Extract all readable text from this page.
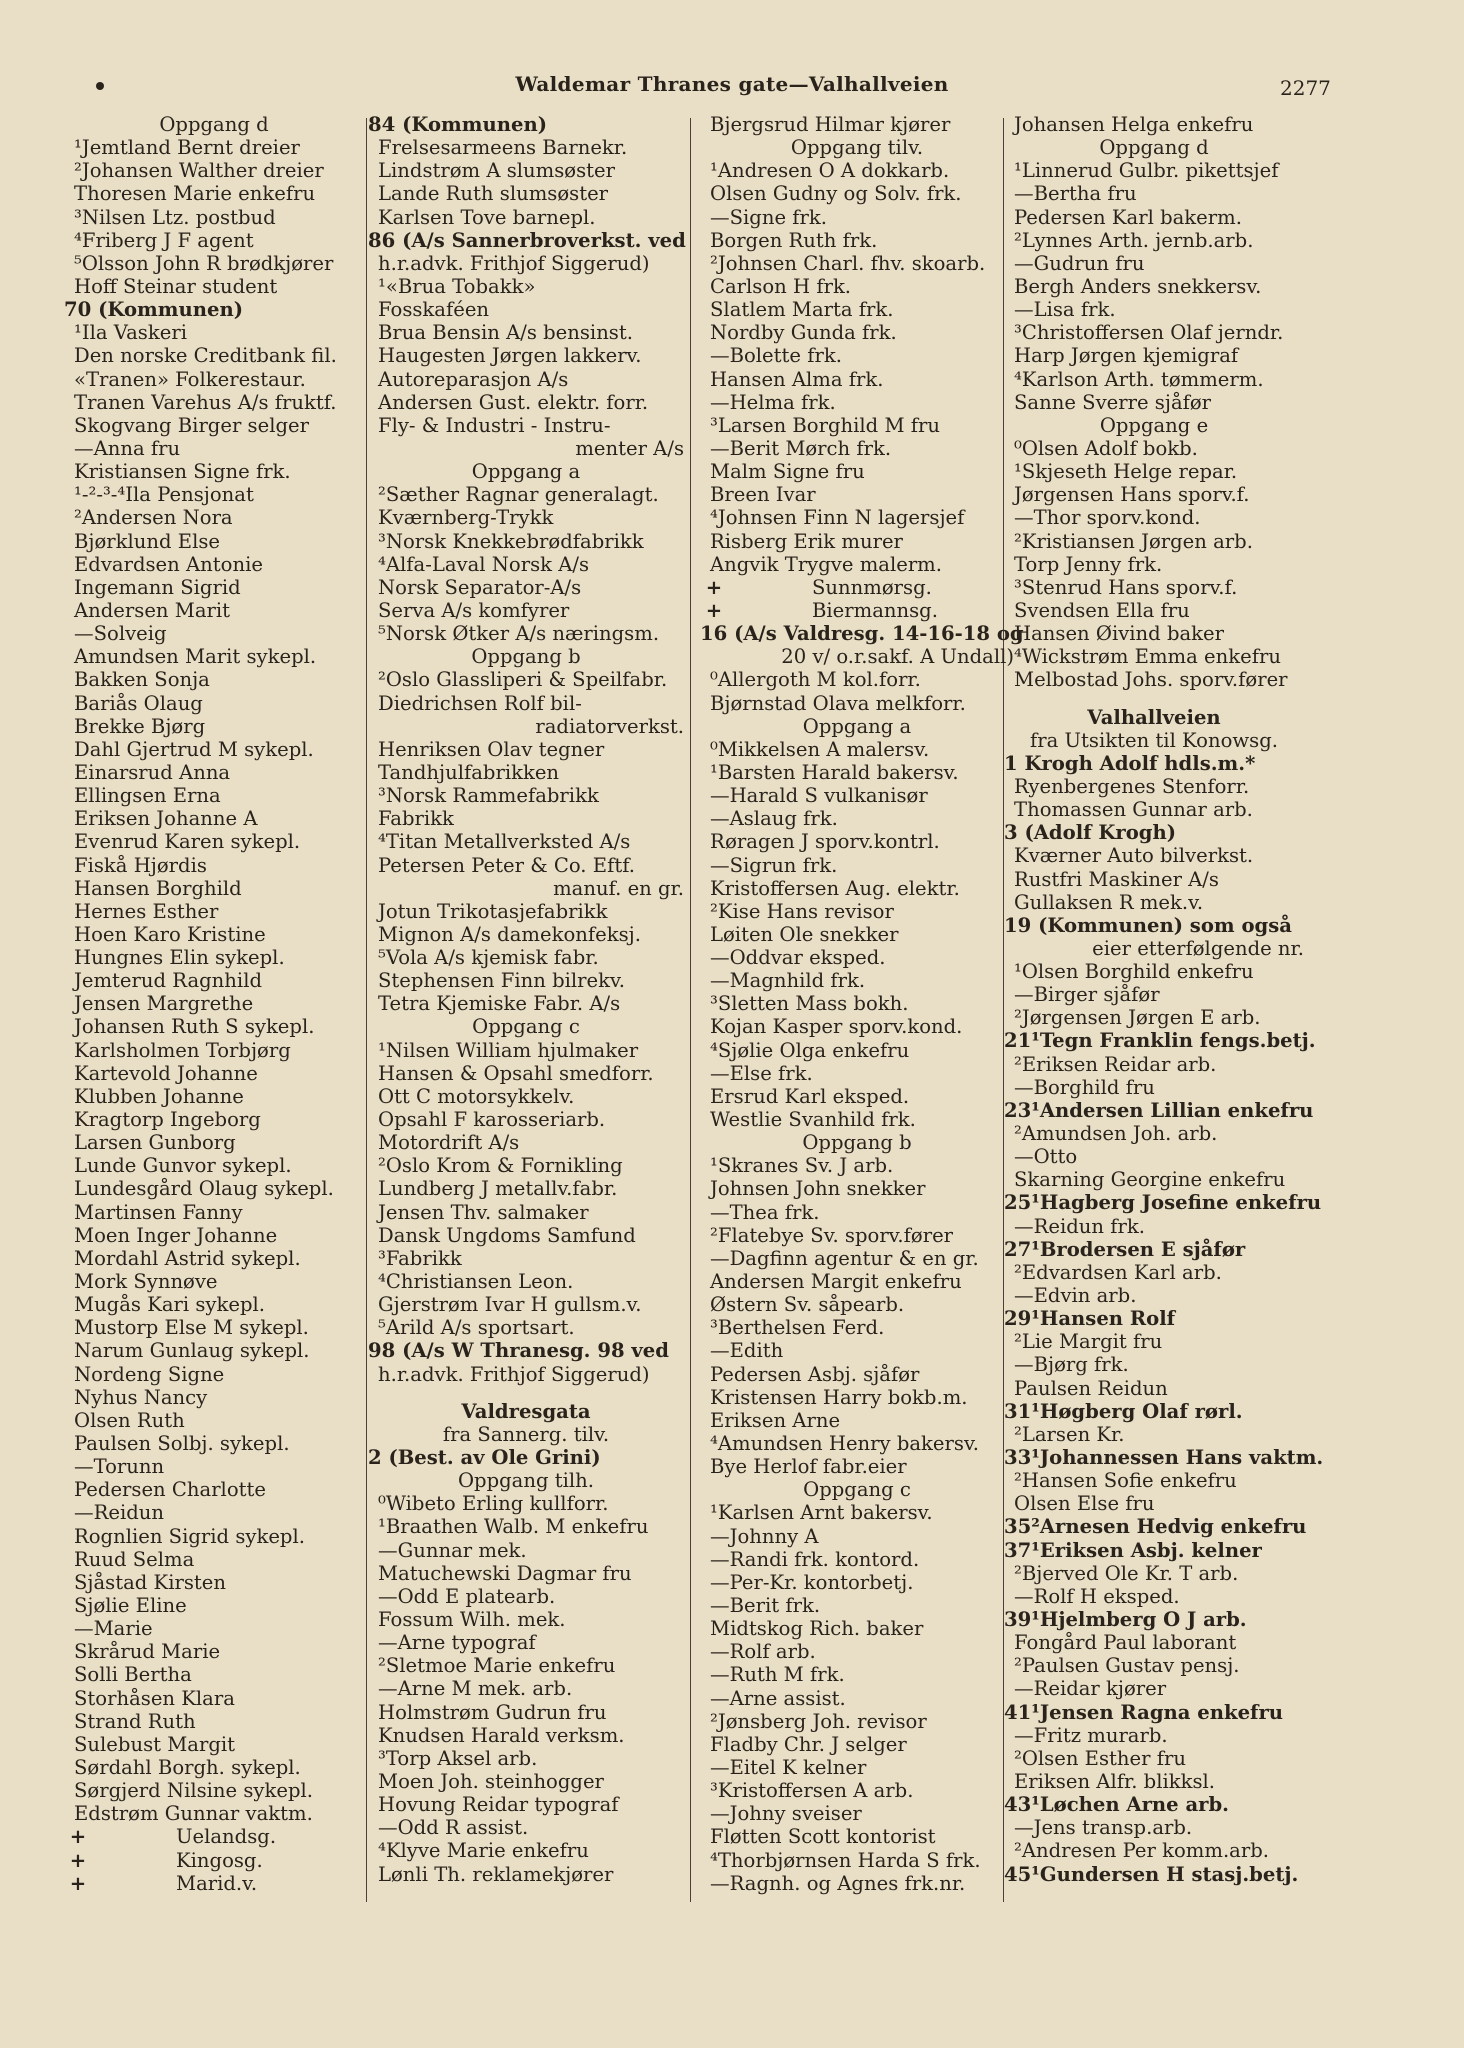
Waldemar Thranes gate—Valhallveien	2277
Oppgang d
¹Jemtland Bernt dreier
²Johansen Walther dreier
Thoresen Marie enkefru
³Nilsen Ltz. postbud
⁴Friberg J F agent
⁵Olsson John R brødkjører
Hoff Steinar student
70 (Kommunen)
¹Ila Vaskeri
Den norske Creditbank fil.
«Tranen» Folkerestaur.
Tranen Varehus A/s fruktf.
Skogvang Birger selger
—Anna fru
Kristiansen Signe frk.
¹-²-³-⁴Ila Pensjonat
²Andersen Nora
Bjørklund Else
Edvardsen Antonie
Ingemann Sigrid
Andersen Marit
—Solveig
Amundsen Marit sykepl.
Bakken Sonja
Bariås Olaug
Brekke Bjørg
Dahl Gjertrud M sykepl.
Einarsrud Anna
Ellingsen Erna
Eriksen Johanne A
Evenrud Karen sykepl.
Fiskå Hjørdis
Hansen Borghild
Hernes Esther
Hoen Karo Kristine
Hungnes Elin sykepl.
Jemterud Ragnhild
Jensen Margrethe
Johansen Ruth S sykepl.
Karlsholmen Torbjørg
Kartevold Johanne
Klubben Johanne
Kragtorp Ingeborg
Larsen Gunborg
Lunde Gunvor sykepl.
Lundesgård Olaug sykepl.
Martinsen Fanny
Moen Inger Johanne
Mordahl Astrid sykepl.
Mork Synnøve
Mugås Kari sykepl.
Mustorp Else M sykepl.
Narum Gunlaug sykepl.
Nordeng Signe
Nyhus Nancy
Olsen Ruth
Paulsen Solbj. sykepl.
—Torunn
Pedersen Charlotte
—Reidun
Rognlien Sigrid sykepl.
Ruud Selma
Sjåstad Kirsten
Sjølie Eline
—Marie
Skrårud Marie
Solli Bertha
Storhåsen Klara
Strand Ruth
Sulebust Margit
Sørdahl Borgh. sykepl.
Sørgjerd Nilsine sykepl.
Edstrøm Gunnar vaktm.
+	Uelandsg.
+	Kingosg.
+	Marid.v.
84 (Kommunen)
Frelsesarmeens Barnekr.
Lindstrøm A slumsøster
Lande Ruth slumsøster
Karlsen Tove barnepl.
86 (A/s Sannerbroverkst. ved
h.r.advk. Frithjof Siggerud)
¹«Brua Tobakk»
Fosskaféen
Brua Bensin A/s bensinst.
Haugesten Jørgen lakkerv.
Autoreparasjon A/s
Andersen Gust. elektr. forr.
Fly- & Industri - Instru-
menter A/s
Oppgang a
²Sæther Ragnar generalagt.
Kværnberg-Trykk
³Norsk Knekkebrødfabrikk
⁴Alfa-Laval Norsk A/s
Norsk Separator-A/s
Serva A/s komfyrer
⁵Norsk Øtker A/s næringsm.
Oppgang b
²Oslo Glassliperi & Speilfabr.
Diedrichsen Rolf bil-
radiatorverkst.
Henriksen Olav tegner
Tandhjulfabrikken
³Norsk Rammefabrikk
Fabrikk
⁴Titan Metallverksted A/s
Petersen Peter & Co. Eftf.
manuf. en gr.
Jotun Trikotasjefabrikk
Mignon A/s damekonfeksj.
⁵Vola A/s kjemisk fabr.
Stephensen Finn bilrekv.
Tetra Kjemiske Fabr. A/s
Oppgang c
¹Nilsen William hjulmaker
Hansen & Opsahl smedforr.
Ott C motorsykkelv.
Opsahl F karosseriarb.
Motordrift A/s
²Oslo Krom & Fornikling
Lundberg J metallv.fabr.
Jensen Thv. salmaker
Dansk Ungdoms Samfund
³Fabrikk
⁴Christiansen Leon.
Gjerstrøm Ivar H gullsm.v.
⁵Arild A/s sportsart.
98 (A/s W Thranesg. 98 ved
h.r.advk. Frithjof Siggerud)
Valdresgata
fra Sannerg. tilv.
2 (Best. av Ole Grini)
Oppgang tilh.
⁰Wibeto Erling kullforr.
¹Braathen Walb. M enkefru
—Gunnar mek.
Matuchewski Dagmar fru
—Odd E platearb.
Fossum Wilh. mek.
—Arne typograf
²Sletmoe Marie enkefru
—Arne M mek. arb.
Holmstrøm Gudrun fru
Knudsen Harald verksm.
³Torp Aksel arb.
Moen Joh. steinhogger
Hovung Reidar typograf
—Odd R assist.
⁴Klyve Marie enkefru
Lønli Th. reklamekjører
Bjergsrud Hilmar kjører
Oppgang tilv.
¹Andresen O A dokkarb.
Olsen Gudny og Solv. frk.
—Signe frk.
Borgen Ruth frk.
²Johnsen Charl. fhv. skoarb.
Carlson H frk.
Slatlem Marta frk.
Nordby Gunda frk.
—Bolette frk.
Hansen Alma frk.
—Helma frk.
³Larsen Borghild M fru
—Berit Mørch frk.
Malm Signe fru
Breen Ivar
⁴Johnsen Finn N lagersjef
Risberg Erik murer
Angvik Trygve malerm.
+	Sunnmørsg.
+	Biermannsg.
16 (A/s Valdresg. 14-16-18 og
20 v/ o.r.sakf. A Undall)
⁰Allergoth M kol.forr.
Bjørnstad Olava melkforr.
Oppgang a
⁰Mikkelsen A malersv.
¹Barsten Harald bakersv.
—Harald S vulkanisør
—Aslaug frk.
Røragen J sporv.kontrl.
—Sigrun frk.
Kristoffersen Aug. elektr.
²Kise Hans revisor
Løiten Ole snekker
—Oddvar eksped.
—Magnhild frk.
³Sletten Mass bokh.
Kojan Kasper sporv.kond.
⁴Sjølie Olga enkefru
—Else frk.
Ersrud Karl eksped.
Westlie Svanhild frk.
Oppgang b
¹Skranes Sv. J arb.
Johnsen John snekker
—Thea frk.
²Flatebye Sv. sporv.fører
—Dagfinn agentur & en gr.
Andersen Margit enkefru
Østern Sv. såpearb.
³Berthelsen Ferd.
—Edith
Pedersen Asbj. sjåfør
Kristensen Harry bokb.m.
Eriksen Arne
⁴Amundsen Henry bakersv.
Bye Herlof fabr.eier
Oppgang c
¹Karlsen Arnt bakersv.
—Johnny A
—Randi frk. kontord.
—Per-Kr. kontorbetj.
—Berit frk.
Midtskog Rich. baker
—Rolf arb.
—Ruth M frk.
—Arne assist.
²Jønsberg Joh. revisor
Fladby Chr. J selger
—Eitel K kelner
³Kristoffersen A arb.
—Johny sveiser
Fløtten Scott kontorist
⁴Thorbjørnsen Harda S frk.
—Ragnh. og Agnes frk.nr.
Johansen Helga enkefru
Oppgang d
¹Linnerud Gulbr. pikettsjef
—Bertha fru
Pedersen Karl bakerm.
²Lynnes Arth. jernb.arb.
—Gudrun fru
Bergh Anders snekkersv.
—Lisa frk.
³Christoffersen Olaf jerndr.
Harp Jørgen kjemigraf
⁴Karlson Arth. tømmerm.
Sanne Sverre sjåfør
Oppgang e
⁰Olsen Adolf bokb.
¹Skjeseth Helge repar.
Jørgensen Hans sporv.f.
—Thor sporv.kond.
²Kristiansen Jørgen arb.
Torp Jenny frk.
³Stenrud Hans sporv.f.
Svendsen Ella fru
Hansen Øivind baker
⁴Wickstrøm Emma enkefru
Melbostad Johs. sporv.fører
Valhallveien
fra Utsikten til Konowsg.
1 Krogh Adolf hdls.m.*
Ryenbergenes Stenforr.
Thomassen Gunnar arb.
3 (Adolf Krogh)
Kværner Auto bilverkst.
Rustfri Maskiner A/s
Gullaksen R mek.v.
19 (Kommunen) som også
eier etterfølgende nr.
¹Olsen Borghild enkefru
—Birger sjåfør
²Jørgensen Jørgen E arb.
21¹Tegn Franklin fengs.betj.
²Eriksen Reidar arb.
—Borghild fru
23¹Andersen Lillian enkefru
²Amundsen Joh. arb.
—Otto
Skarning Georgine enkefru
25¹Hagberg Josefine enkefru
—Reidun frk.
27¹Brodersen E sjåfør
²Edvardsen Karl arb.
—Edvin arb.
29¹Hansen Rolf
²Lie Margit fru
—Bjørg frk.
Paulsen Reidun
31¹Høgberg Olaf rørl.
²Larsen Kr.
33¹Johannessen Hans vaktm.
²Hansen Sofie enkefru
Olsen Else fru
35²Arnesen Hedvig enkefru
37¹Eriksen Asbj. kelner
²Bjerved Ole Kr. T arb.
—Rolf H eksped.
39¹Hjelmberg O J arb.
Fongård Paul laborant
²Paulsen Gustav pensj.
—Reidar kjører
41¹Jensen Ragna enkefru
—Fritz murarb.
²Olsen Esther fru
Eriksen Alfr. blikksl.
43¹Løchen Arne arb.
—Jens transp.arb.
²Andresen Per komm.arb.
45¹Gundersen H stasj.betj.
